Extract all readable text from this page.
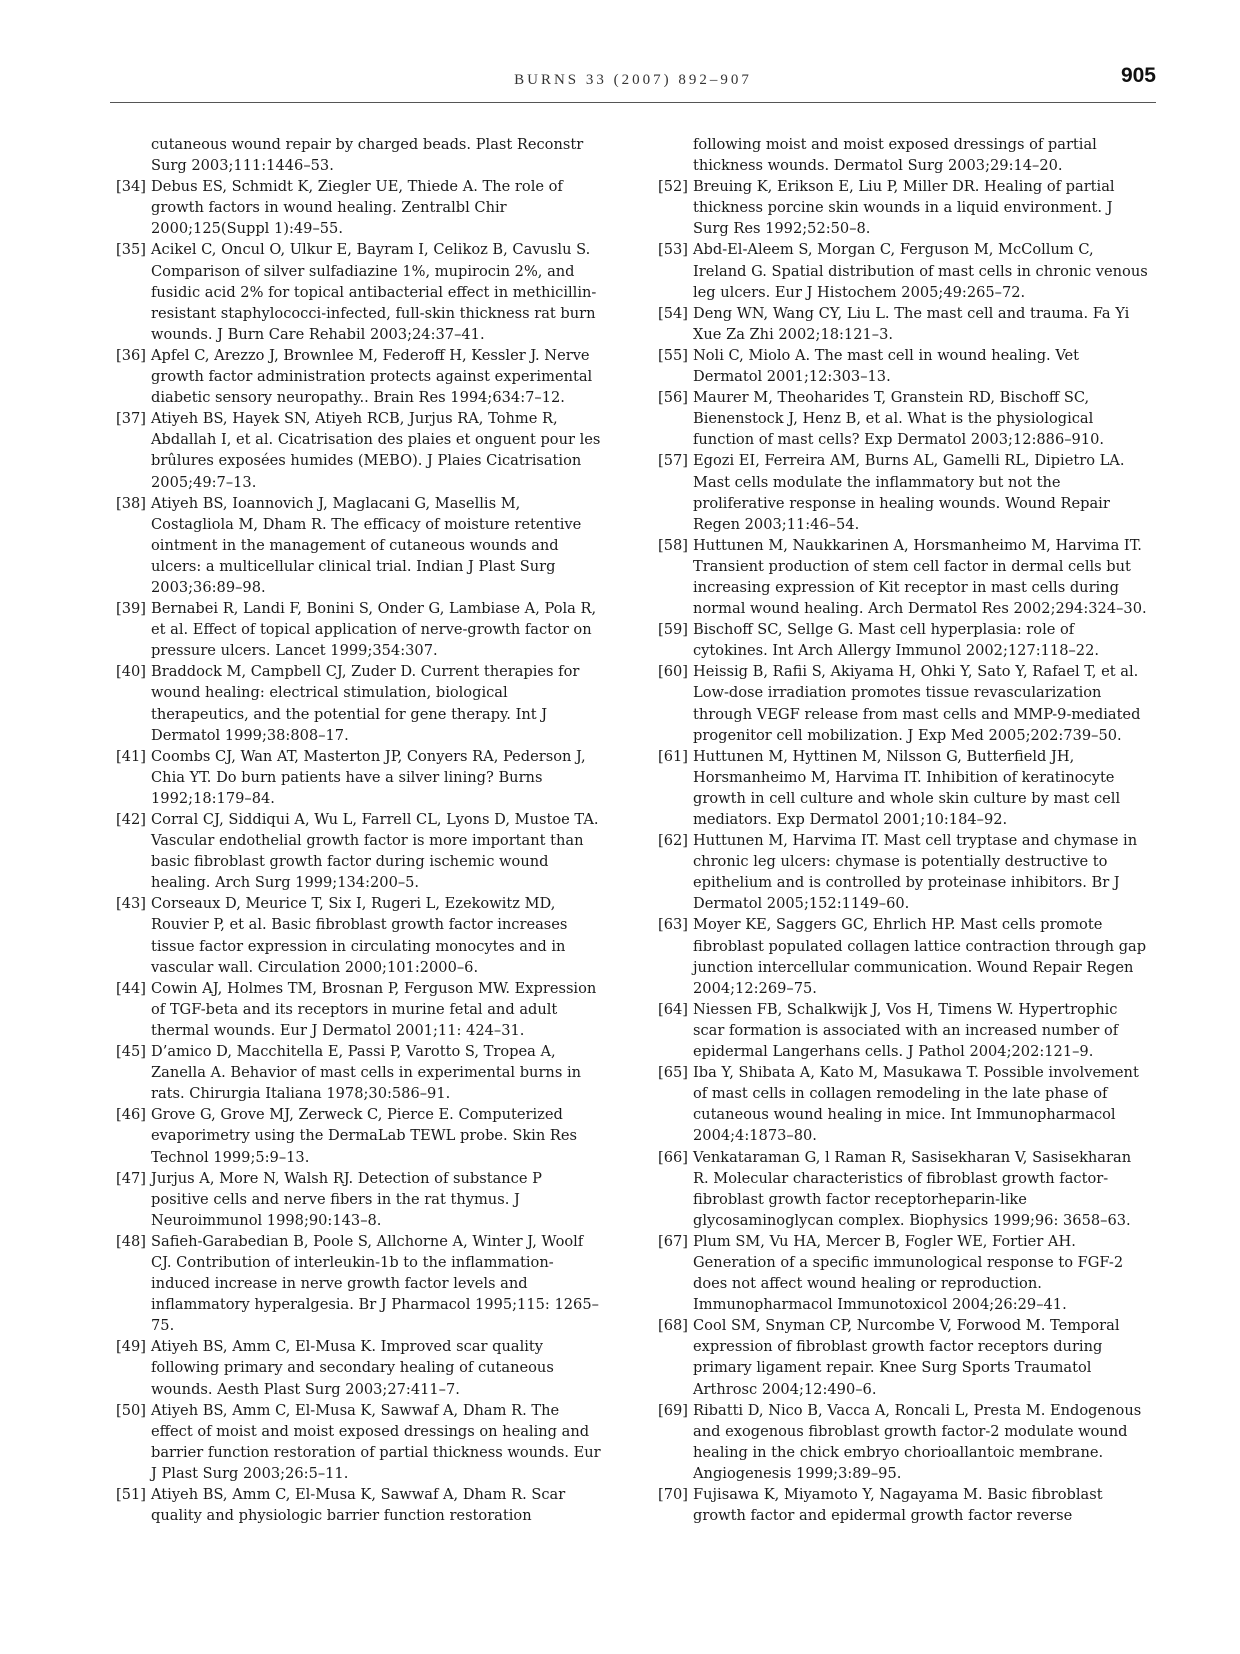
BURNS 33 (2007) 892–907	905

cutaneous wound repair by charged beads. Plast Reconstr Surg 2003;111:1446–53.

[34] Debus ES, Schmidt K, Ziegler UE, Thiede A. The role of growth factors in wound healing. Zentralbl Chir 2000;125(Suppl 1):49–55.

[35] Acikel C, Oncul O, Ulkur E, Bayram I, Celikoz B, Cavuslu S. Comparison of silver sulfadiazine 1%, mupirocin 2%, and fusidic acid 2% for topical antibacterial effect in methicillin-resistant staphylococci-infected, full-skin thickness rat burn wounds. J Burn Care Rehabil 2003;24:37–41.

[36] Apfel C, Arezzo J, Brownlee M, Federoff H, Kessler J. Nerve growth factor administration protects against experimental diabetic sensory neuropathy.. Brain Res 1994;634:7–12.

[37] Atiyeh BS, Hayek SN, Atiyeh RCB, Jurjus RA, Tohme R, Abdallah I, et al. Cicatrisation des plaies et onguent pour les brûlures exposées humides (MEBO). J Plaies Cicatrisation 2005;49:7–13.

[38] Atiyeh BS, Ioannovich J, Maglacani G, Masellis M, Costagliola M, Dham R. The efficacy of moisture retentive ointment in the management of cutaneous wounds and ulcers: a multicellular clinical trial. Indian J Plast Surg 2003;36:89–98.

[39] Bernabei R, Landi F, Bonini S, Onder G, Lambiase A, Pola R, et al. Effect of topical application of nerve-growth factor on pressure ulcers. Lancet 1999;354:307.

[40] Braddock M, Campbell CJ, Zuder D. Current therapies for wound healing: electrical stimulation, biological therapeutics, and the potential for gene therapy. Int J Dermatol 1999;38:808–17.

[41] Coombs CJ, Wan AT, Masterton JP, Conyers RA, Pederson J, Chia YT. Do burn patients have a silver lining? Burns 1992;18:179–84.

[42] Corral CJ, Siddiqui A, Wu L, Farrell CL, Lyons D, Mustoe TA. Vascular endothelial growth factor is more important than basic fibroblast growth factor during ischemic wound healing. Arch Surg 1999;134:200–5.

[43] Corseaux D, Meurice T, Six I, Rugeri L, Ezekowitz MD, Rouvier P, et al. Basic fibroblast growth factor increases tissue factor expression in circulating monocytes and in vascular wall. Circulation 2000;101:2000–6.

[44] Cowin AJ, Holmes TM, Brosnan P, Ferguson MW. Expression of TGF-beta and its receptors in murine fetal and adult thermal wounds. Eur J Dermatol 2001;11: 424–31.

[45] D’amico D, Macchitella E, Passi P, Varotto S, Tropea A, Zanella A. Behavior of mast cells in experimental burns in rats. Chirurgia Italiana 1978;30:586–91.

[46] Grove G, Grove MJ, Zerweck C, Pierce E. Computerized evaporimetry using the DermaLab TEWL probe. Skin Res Technol 1999;5:9–13.

[47] Jurjus A, More N, Walsh RJ. Detection of substance P positive cells and nerve fibers in the rat thymus. J Neuroimmunol 1998;90:143–8.

[48] Safieh-Garabedian B, Poole S, Allchorne A, Winter J, Woolf CJ. Contribution of interleukin-1b to the inflammation-induced increase in nerve growth factor levels and inflammatory hyperalgesia. Br J Pharmacol 1995;115: 1265–75.

[49] Atiyeh BS, Amm C, El-Musa K. Improved scar quality following primary and secondary healing of cutaneous wounds. Aesth Plast Surg 2003;27:411–7.

[50] Atiyeh BS, Amm C, El-Musa K, Sawwaf A, Dham R. The effect of moist and moist exposed dressings on healing and barrier function restoration of partial thickness wounds. Eur J Plast Surg 2003;26:5–11.

[51] Atiyeh BS, Amm C, El-Musa K, Sawwaf A, Dham R. Scar quality and physiologic barrier function restoration

following moist and moist exposed dressings of partial thickness wounds. Dermatol Surg 2003;29:14–20.

[52] Breuing K, Erikson E, Liu P, Miller DR. Healing of partial thickness porcine skin wounds in a liquid environment. J Surg Res 1992;52:50–8.

[53] Abd-El-Aleem S, Morgan C, Ferguson M, McCollum C, Ireland G. Spatial distribution of mast cells in chronic venous leg ulcers. Eur J Histochem 2005;49:265–72.

[54] Deng WN, Wang CY, Liu L. The mast cell and trauma. Fa Yi Xue Za Zhi 2002;18:121–3.

[55] Noli C, Miolo A. The mast cell in wound healing. Vet Dermatol 2001;12:303–13.

[56] Maurer M, Theoharides T, Granstein RD, Bischoff SC, Bienenstock J, Henz B, et al. What is the physiological function of mast cells? Exp Dermatol 2003;12:886–910.

[57] Egozi EI, Ferreira AM, Burns AL, Gamelli RL, Dipietro LA. Mast cells modulate the inflammatory but not the proliferative response in healing wounds. Wound Repair Regen 2003;11:46–54.

[58] Huttunen M, Naukkarinen A, Horsmanheimo M, Harvima IT. Transient production of stem cell factor in dermal cells but increasing expression of Kit receptor in mast cells during normal wound healing. Arch Dermatol Res 2002;294:324–30.

[59] Bischoff SC, Sellge G. Mast cell hyperplasia: role of cytokines. Int Arch Allergy Immunol 2002;127:118–22.

[60] Heissig B, Rafii S, Akiyama H, Ohki Y, Sato Y, Rafael T, et al. Low-dose irradiation promotes tissue revascularization through VEGF release from mast cells and MMP-9-mediated progenitor cell mobilization. J Exp Med 2005;202:739–50.

[61] Huttunen M, Hyttinen M, Nilsson G, Butterfield JH, Horsmanheimo M, Harvima IT. Inhibition of keratinocyte growth in cell culture and whole skin culture by mast cell mediators. Exp Dermatol 2001;10:184–92.

[62] Huttunen M, Harvima IT. Mast cell tryptase and chymase in chronic leg ulcers: chymase is potentially destructive to epithelium and is controlled by proteinase inhibitors. Br J Dermatol 2005;152:1149–60.

[63] Moyer KE, Saggers GC, Ehrlich HP. Mast cells promote fibroblast populated collagen lattice contraction through gap junction intercellular communication. Wound Repair Regen 2004;12:269–75.

[64] Niessen FB, Schalkwijk J, Vos H, Timens W. Hypertrophic scar formation is associated with an increased number of epidermal Langerhans cells. J Pathol 2004;202:121–9.

[65] Iba Y, Shibata A, Kato M, Masukawa T. Possible involvement of mast cells in collagen remodeling in the late phase of cutaneous wound healing in mice. Int Immunopharmacol 2004;4:1873–80.

[66] Venkataraman G, l Raman R, Sasisekharan V, Sasisekharan R. Molecular characteristics of fibroblast growth factor-fibroblast growth factor receptorheparin-like glycosaminoglycan complex. Biophysics 1999;96: 3658–63.

[67] Plum SM, Vu HA, Mercer B, Fogler WE, Fortier AH. Generation of a specific immunological response to FGF-2 does not affect wound healing or reproduction. Immunopharmacol Immunotoxicol 2004;26:29–41.

[68] Cool SM, Snyman CP, Nurcombe V, Forwood M. Temporal expression of fibroblast growth factor receptors during primary ligament repair. Knee Surg Sports Traumatol Arthrosc 2004;12:490–6.

[69] Ribatti D, Nico B, Vacca A, Roncali L, Presta M. Endogenous and exogenous fibroblast growth factor-2 modulate wound healing in the chick embryo chorioallantoic membrane. Angiogenesis 1999;3:89–95.

[70] Fujisawa K, Miyamoto Y, Nagayama M. Basic fibroblast growth factor and epidermal growth factor reverse
